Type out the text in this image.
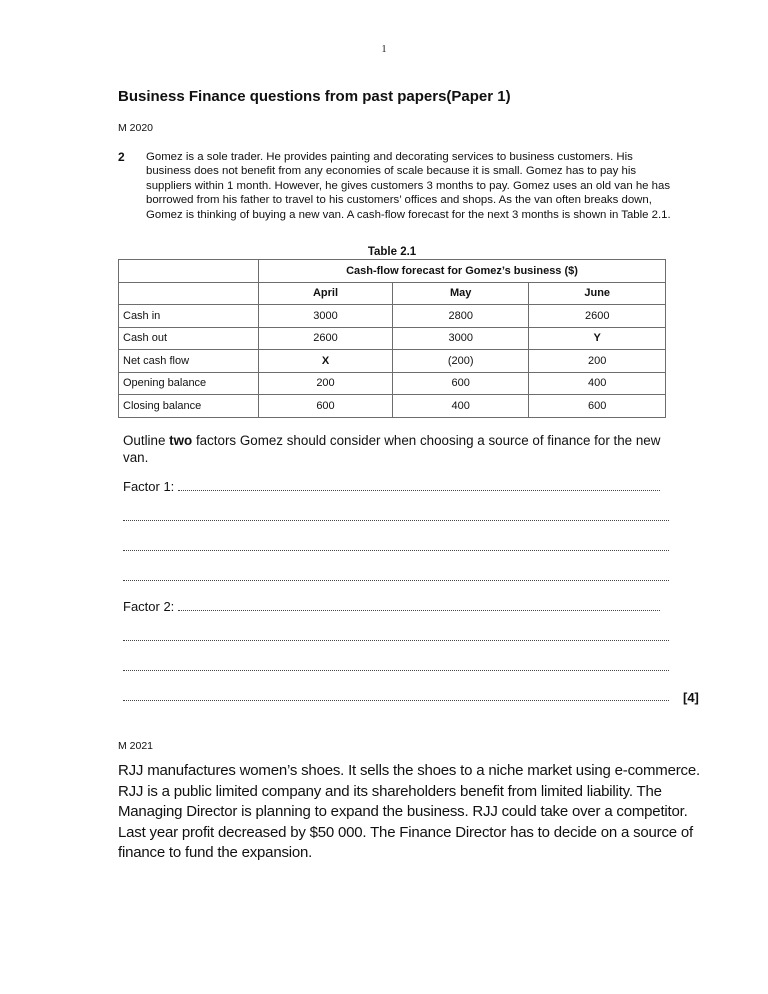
1
Business Finance questions from past papers(Paper 1)
M 2020
2 Gomez is a sole trader. He provides painting and decorating services to business customers. His business does not benefit from any economies of scale because it is small. Gomez has to pay his suppliers within 1 month. However, he gives customers 3 months to pay. Gomez uses an old van he has borrowed from his father to travel to his customers’ offices and shops. As the van often breaks down, Gomez is thinking of buying a new van. A cash-flow forecast for the next 3 months is shown in Table 2.1.
Table 2.1
	Cash-flow forecast for Gomez’s business ($)		
	April	May	June
Cash in	3000	2800	2600
Cash out	2600	3000	Y
Net cash flow	X	(200)	200
Opening balance	200	600	400
Closing balance	600	400	600
Outline two factors Gomez should consider when choosing a source of finance for the new van.
Factor 1:
Factor 2:
[4]
M 2021
RJJ manufactures women’s shoes. It sells the shoes to a niche market using e-commerce. RJJ is a public limited company and its shareholders benefit from limited liability. The Managing Director is planning to expand the business. RJJ could take over a competitor. Last year profit decreased by $50 000. The Finance Director has to decide on a source of finance to fund the expansion.
